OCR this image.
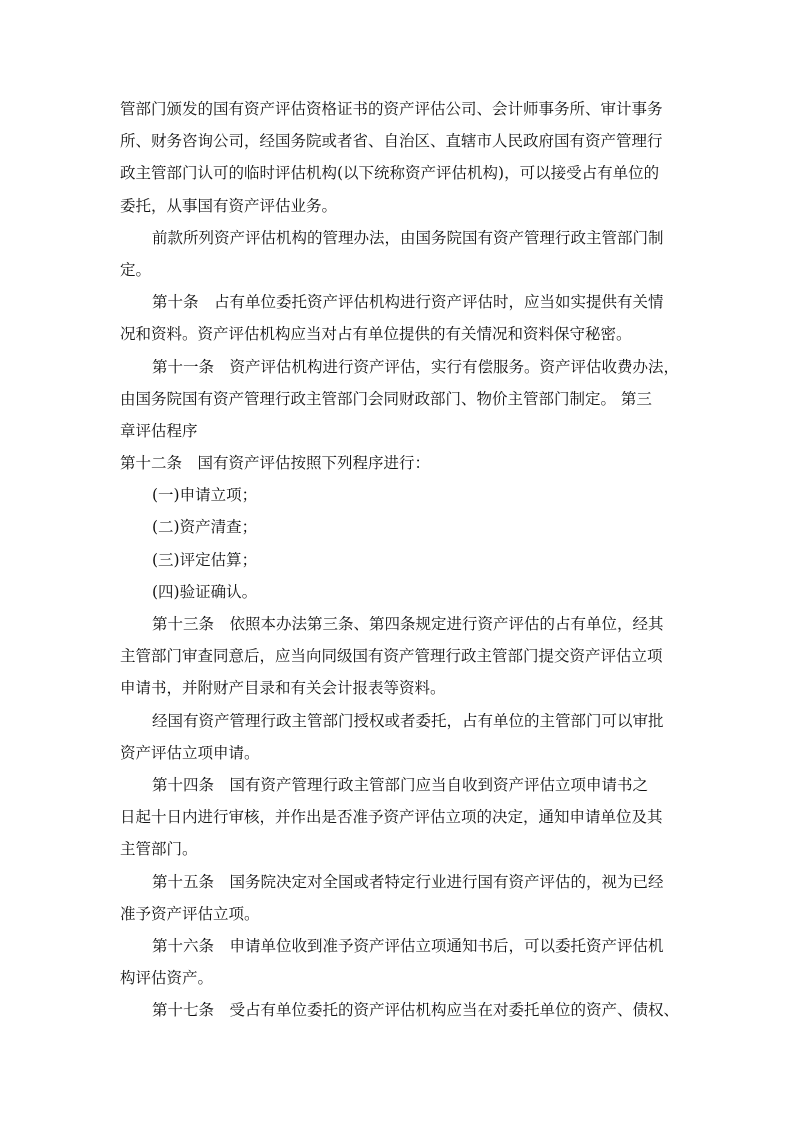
管部门颁发的国有资产评估资格证书的资产评估公司、会计师事务所、审计事务
所、财务咨询公司，经国务院或者省、自治区、直辖市人民政府国有资产管理行
政主管部门认可的临时评估机构(以下统称资产评估机构)，可以接受占有单位的
委托，从事国有资产评估业务。
前款所列资产评估机构的管理办法，由国务院国有资产管理行政主管部门制
定。
第十条　占有单位委托资产评估机构进行资产评估时，应当如实提供有关情
况和资料。资产评估机构应当对占有单位提供的有关情况和资料保守秘密。
第十一条　资产评估机构进行资产评估，实行有偿服务。资产评估收费办法，
由国务院国有资产管理行政主管部门会同财政部门、物价主管部门制定。 第三
章评估程序
第十二条　国有资产评估按照下列程序进行：
(一)申请立项；
(二)资产清查；
(三)评定估算；
(四)验证确认。
第十三条　依照本办法第三条、第四条规定进行资产评估的占有单位，经其
主管部门审查同意后，应当向同级国有资产管理行政主管部门提交资产评估立项
申请书，并附财产目录和有关会计报表等资料。
经国有资产管理行政主管部门授权或者委托，占有单位的主管部门可以审批
资产评估立项申请。
第十四条　国有资产管理行政主管部门应当自收到资产评估立项申请书之
日起十日内进行审核，并作出是否准予资产评估立项的决定，通知申请单位及其
主管部门。
第十五条　国务院决定对全国或者特定行业进行国有资产评估的，视为已经
准予资产评估立项。
第十六条　申请单位收到准予资产评估立项通知书后，可以委托资产评估机
构评估资产。
第十七条　受占有单位委托的资产评估机构应当在对委托单位的资产、债权、
